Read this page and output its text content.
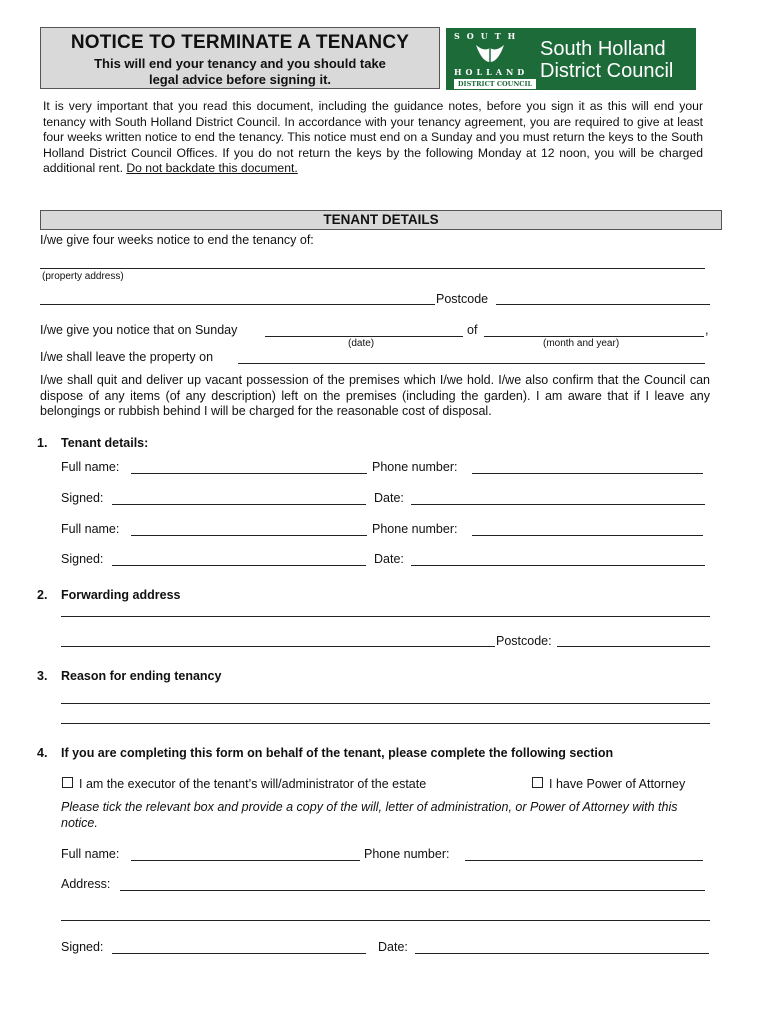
NOTICE TO TERMINATE A TENANCY
This will end your tenancy and you should take legal advice before signing it.
SOUTH
HOLLAND
DISTRICT COUNCIL
South Holland
District Council
It is very important that you read this document, including the guidance notes, before you sign it as this will end your tenancy with South Holland District Council. In accordance with your tenancy agreement, you are required to give at least four weeks written notice to end the tenancy. This notice must end on a Sunday and you must return the keys to the South Holland District Council Offices. If you do not return the keys by the following Monday at 12 noon, you will be charged additional rent. Do not backdate this document.
TENANT DETAILS
I/we give four weeks notice to end the tenancy of:
(property address)
Postcode
I/we give you notice that on Sunday	of	,
(date)	(month and year)
I/we shall leave the property on
I/we shall quit and deliver up vacant possession of the premises which I/we hold. I/we also confirm that the Council can dispose of any items (of any description) left on the premises (including the garden). I am aware that if I leave any belongings or rubbish behind I will be charged for the reasonable cost of disposal.
1. Tenant details:
Full name:	Phone number:
Signed:	Date:
Full name:	Phone number:
Signed:	Date:
2. Forwarding address
Postcode:
3. Reason for ending tenancy
4. If you are completing this form on behalf of the tenant, please complete the following section
I am the executor of the tenant’s will/administrator of the estate	I have Power of Attorney
Please tick the relevant box and provide a copy of the will, letter of administration, or Power of Attorney with this notice.
Full name:	Phone number:
Address:
Signed:	Date:
